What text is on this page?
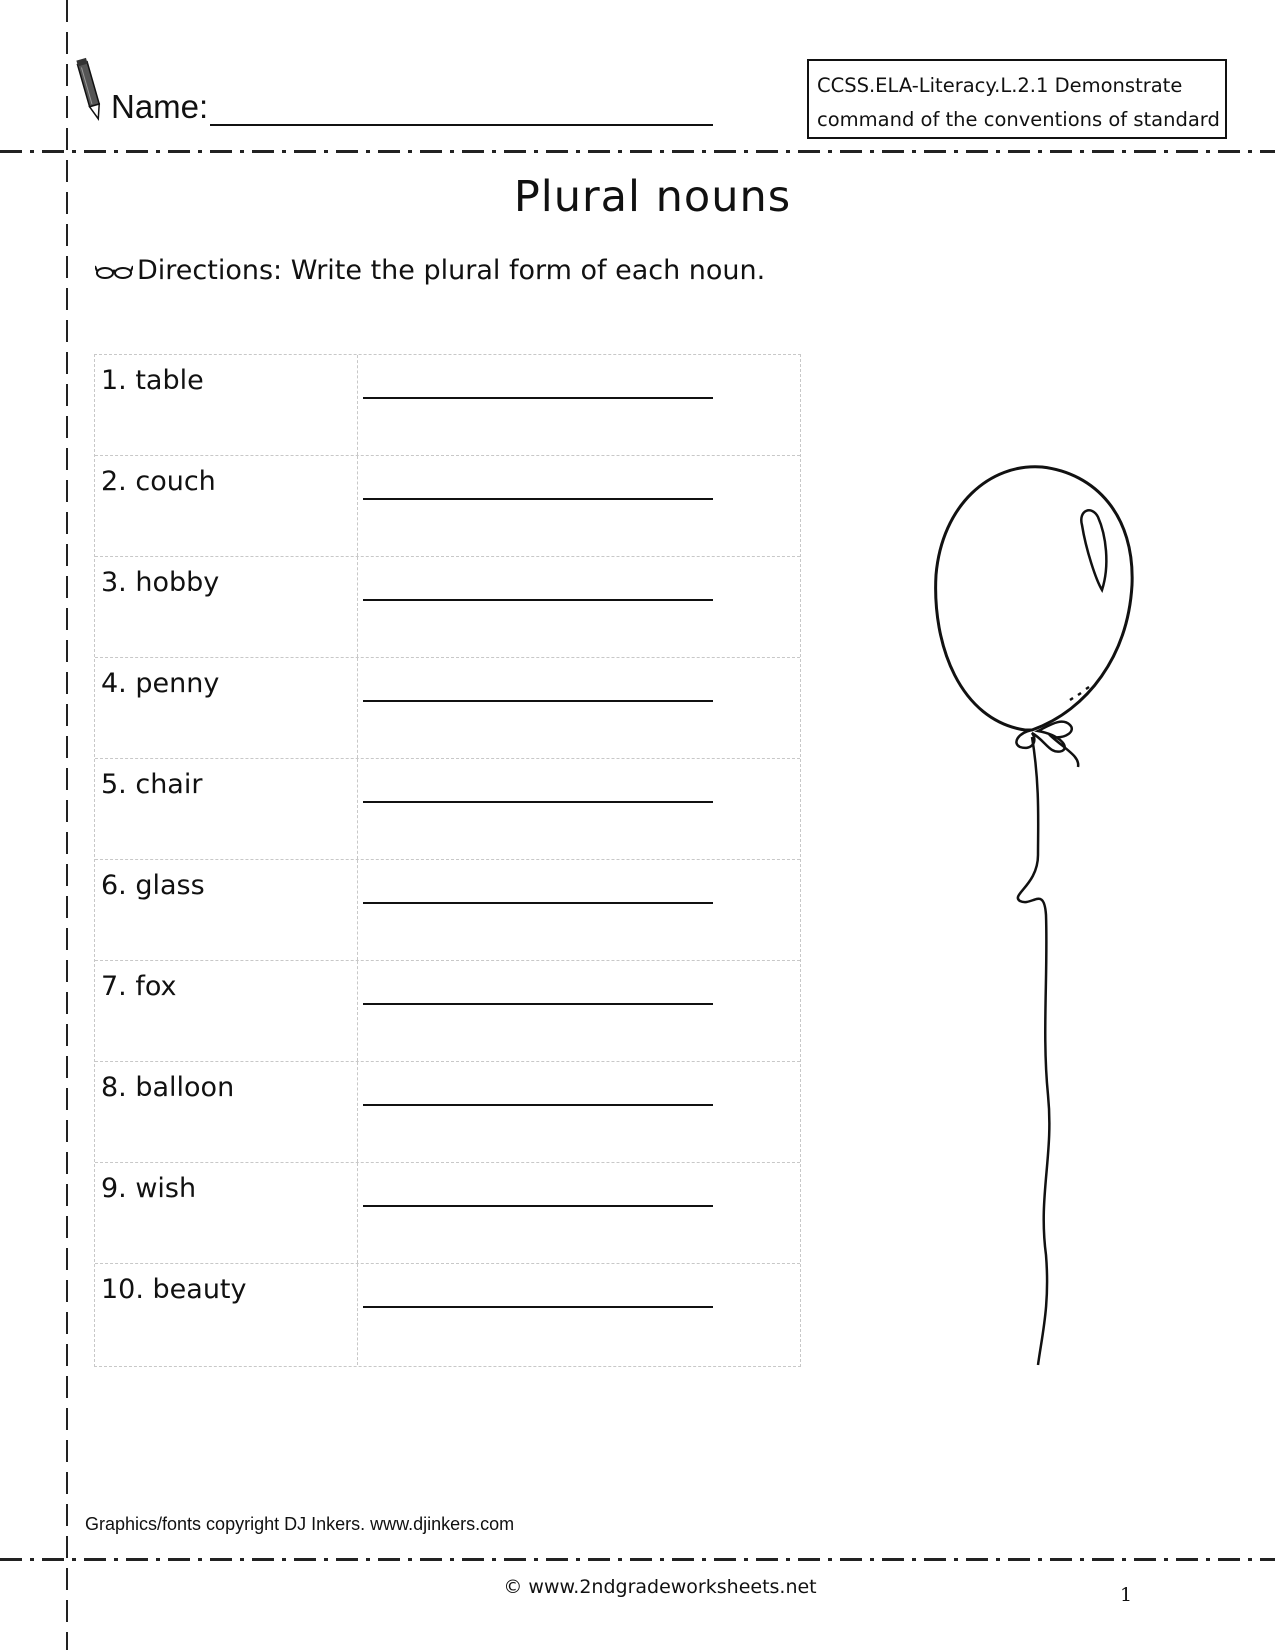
Name:
CCSS.ELA-Literacy.L.2.1 Demonstrate
command of the conventions of standard
Plural nouns
Directions: Write the plural form of each noun.
1. table
2. couch
3. hobby
4. penny
5. chair
6. glass
7. fox
8. balloon
9. wish
10. beauty
Graphics/fonts copyright DJ Inkers. www.djinkers.com
© www.2ndgradeworksheets.net	1
